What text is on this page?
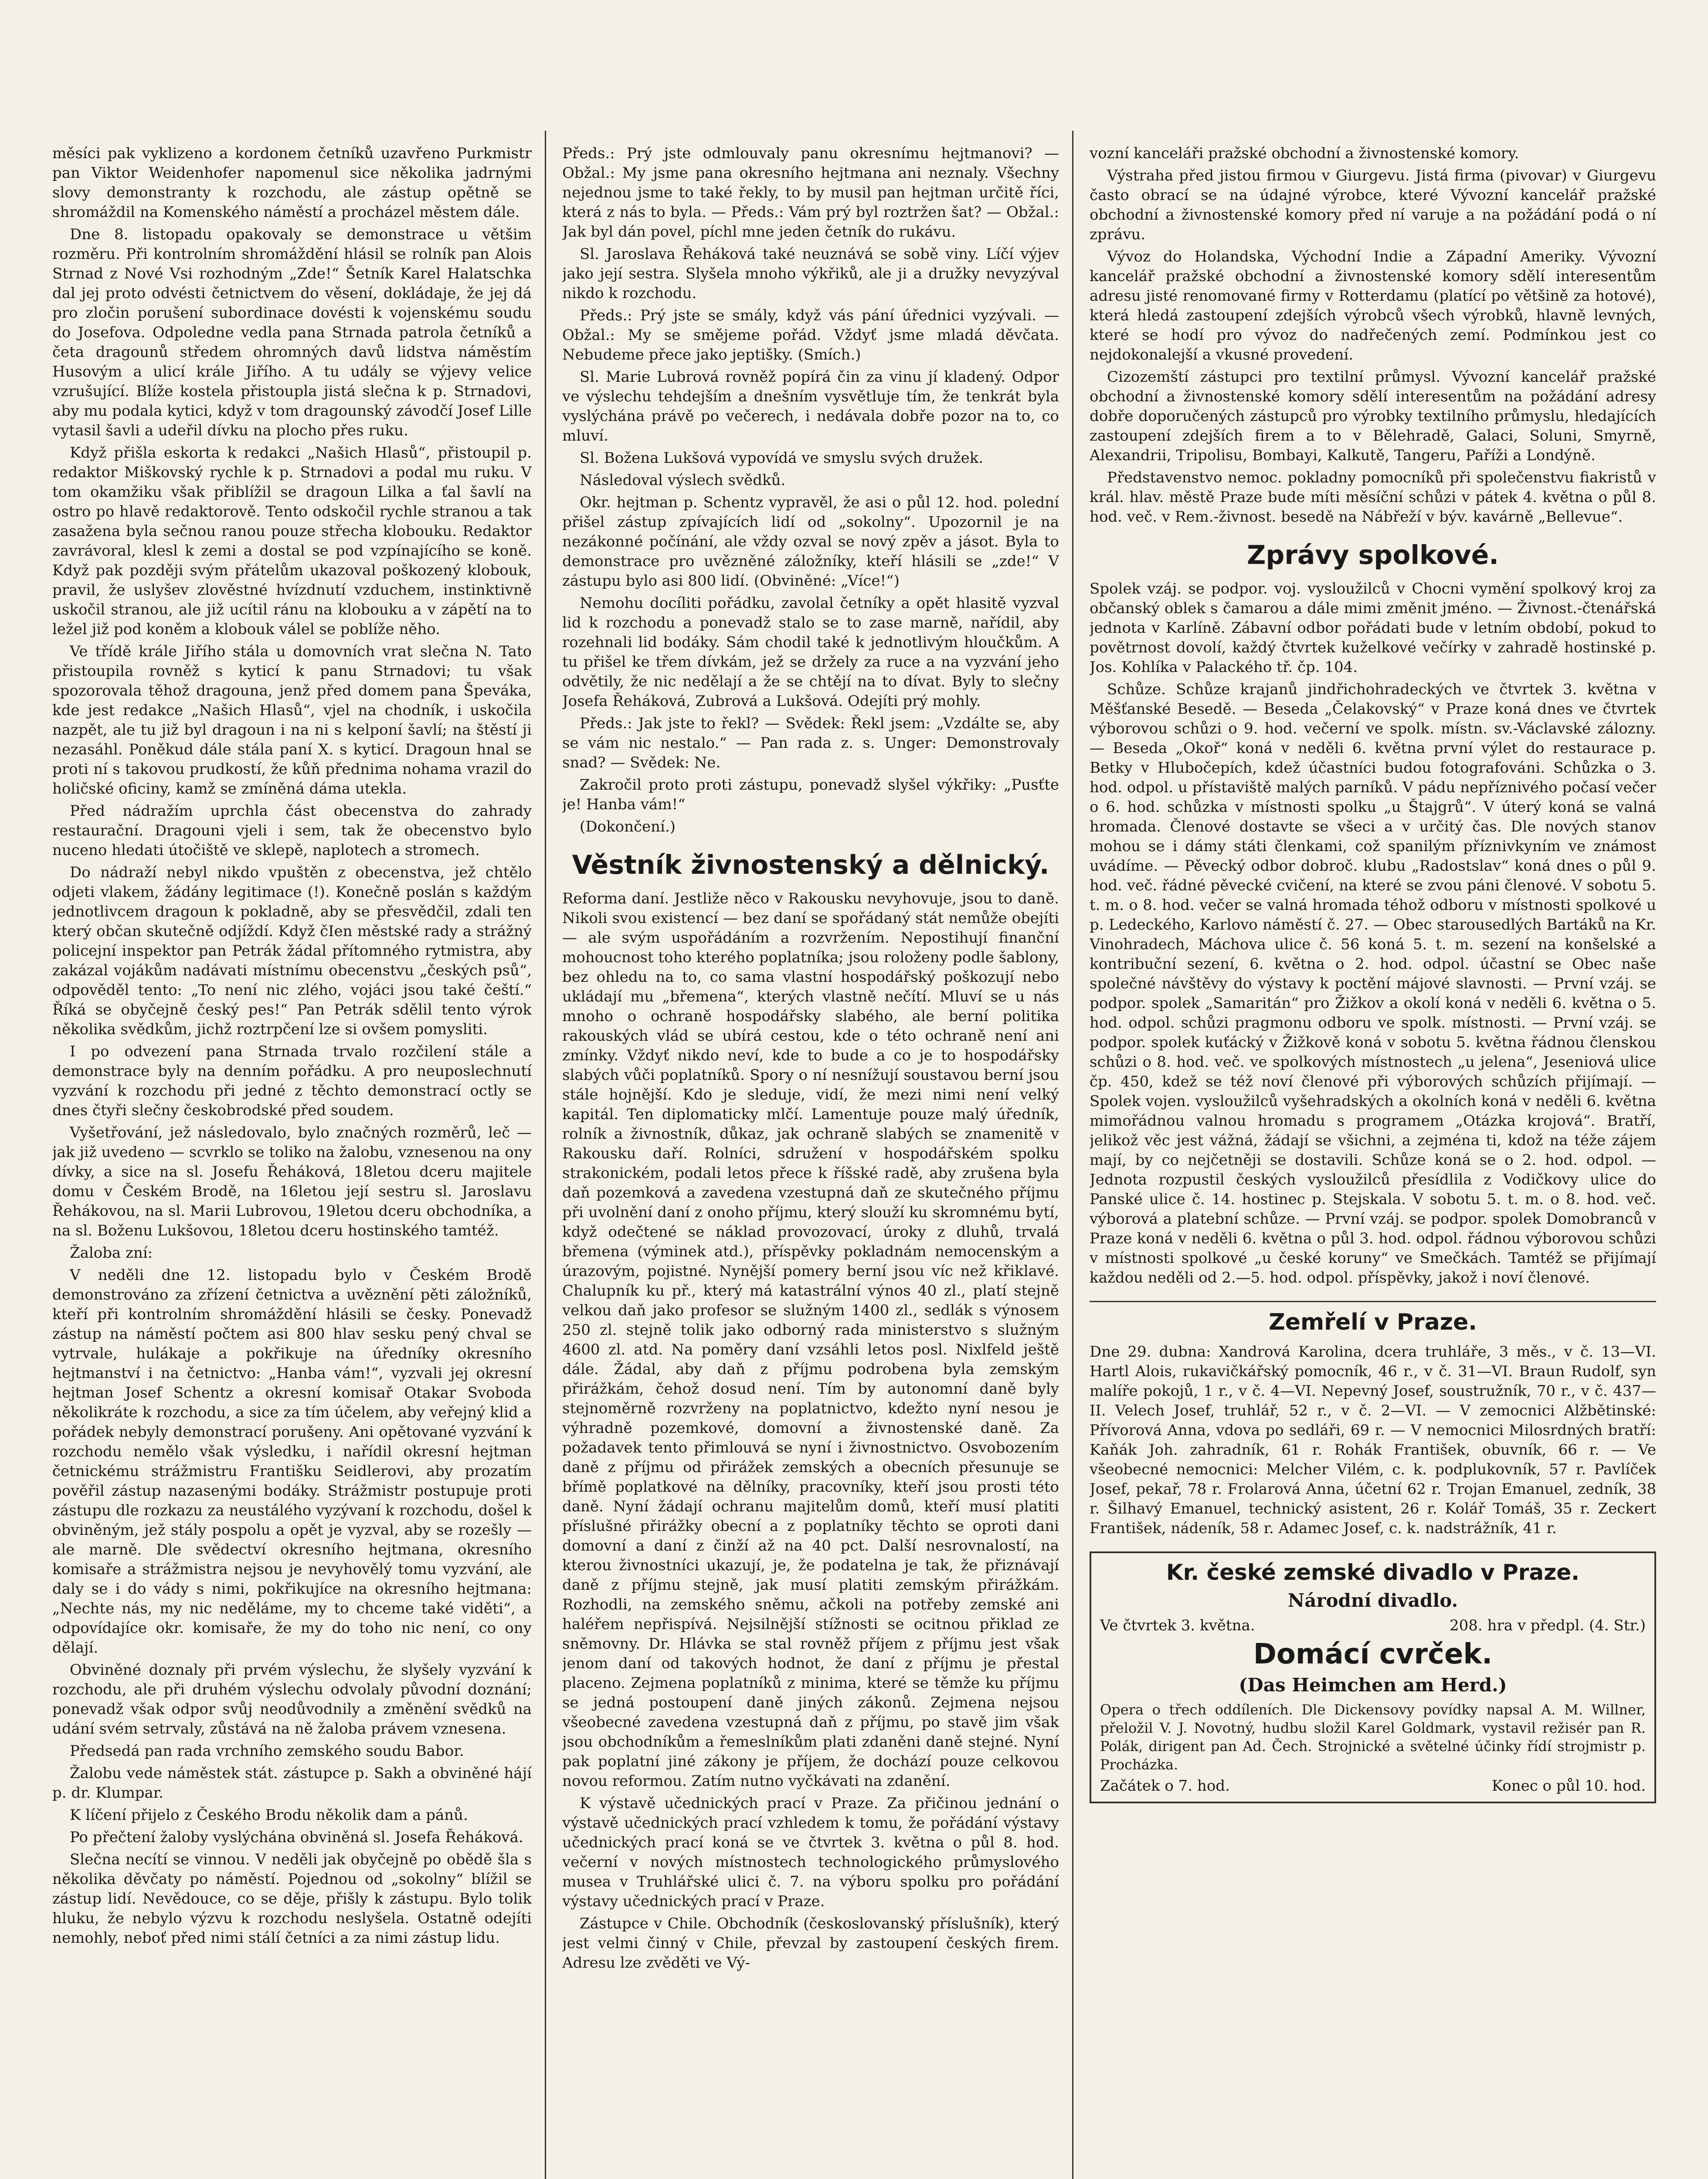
měsíci pak vyklizeno a kordonem četníků uzavřeno Purkmistr pan Viktor Weidenhofer napomenul sice několika jadrnými slovy demonstranty k rozchodu, ale zástup opětně se shromáždil na Komenského náměstí a procházel městem dále.

Dne 8. listopadu opakovaly se demonstrace u většim rozměru. Při kontrolním shromáždění hlásil se rolník pan Alois Strnad z Nové Vsi rozhodným „Zde!“ Šetník Karel Halatschka dal jej proto odvésti četnictvem do věsení, dokládaje, že jej dá pro zločin porušení subordinace dovésti k vojenskému soudu do Josefova. Odpoledne vedla pana Strnada patrola četníků a četa dragounů středem ohromných davů lidstva náměstím Husovým a ulicí krále Jiřího. A tu udály se výjevy velice vzrušující. Blíže kostela přistoupla jistá slečna k p. Strnadovi, aby mu podala kytici, když v tom dragounský závodčí Josef Lille vytasil šavli a udeřil dívku na plocho přes ruku.

Když přišla eskorta k redakci „Našich Hlasů“, přistoupil p. redaktor Miškovský rychle k p. Strnadovi a podal mu ruku. V tom okamžiku však přiblížil se dragoun Lilka a ťal šavlí na ostro po hlavě redaktorově. Tento odskočil rychle stranou a tak zasažena byla sečnou ranou pouze střecha klobouku. Redaktor zavrávoral, klesl k zemi a dostal se pod vzpínajícího se koně. Když pak později svým přátelům ukazoval poškozený klobouk, pravil, že uslyšev zlověstné hvízdnutí vzduchem, instinktivně uskočil stranou, ale již ucítil ránu na klobouku a v zápětí na to ležel již pod koněm a klobouk válel se poblíže něho.

Ve třídě krále Jiřího stála u domovních vrat slečna N. Tato přistoupila rovněž s kyticí k panu Strnadovi; tu však spozorovala těhož dragouna, jenž před domem pana Špeváka, kde jest redakce „Našich Hlasů“, vjel na chodník, i uskočila nazpět, ale tu již byl dragoun i na ni s kelponí šavlí; na štěstí ji nezasáhl. Poněkud dále stála paní X. s kyticí. Dragoun hnal se proti ní s takovou prudkostí, že kůň přednima nohama vrazil do holičské oficiny, kamž se zmíněná dáma utekla.

Před nádražím uprchla část obecenstva do zahrady restaurační. Dragouni vjeli i sem, tak že obecenstvo bylo nuceno hledati útočiště ve sklepě, naplotech a stromech.

Do nádraží nebyl nikdo vpuštěn z obecenstva, jež chtělo odjeti vlakem, žádány legitimace (!). Konečně poslán s každým jednotlivcem dragoun k pokladně, aby se přesvědčil, zdali ten který občan skutečně odjíždí. Když čIen městské rady a strážný policejní inspektor pan Petrák žádal přítomného rytmistra, aby zakázal vojákům nadávati místnímu obecenstvu „českých psů“, odpověděl tento: „To není nic zlého, vojáci jsou také čeští.“ Říká se obyčejně český pes!“ Pan Petrák sdělil tento výrok několika svědkům, jichž roztrpčení lze si ovšem pomysliti.

I po odvezení pana Strnada trvalo rozčilení stále a demonstrace byly na denním pořádku. A pro neuposlechnutí vyzvání k rozchodu při jedné z těchto demonstrací octly se dnes čtyři slečny českobrodské před soudem.

Vyšetřování, jež následovalo, bylo značných rozměrů, leč — jak již uvedeno — scvrklo se toliko na žalobu, vznesenou na ony dívky, a sice na sl. Josefu Řeháková, 18letou dceru majitele domu v Českém Brodě, na 16letou její sestru sl. Jaroslavu Řehákovou, na sl. Marii Lubrovou, 19letou dceru obchodníka, a na sl. Boženu Lukšovou, 18letou dceru hostinského tamtéž.

Žaloba zní:

V neděli dne 12. listopadu bylo v Českém Brodě demonstrováno za zřízení četnictva a uvěznění pěti záložníků, kteří při kontrolním shromáždění hlásili se česky. Ponevadž zástup na náměstí počtem asi 800 hlav sesku pený chval se vytrvale, hulákaje a pokřikuje na úředníky okresního hejtmanství i na četnictvo: „Hanba vám!“, vyzvali jej okresní hejtman Josef Schentz a okresní komisař Otakar Svoboda několikráte k rozchodu, a sice za tím účelem, aby veřejný klid a pořádek nebyly demonstrací porušeny. Ani opětované vyzvání k rozchodu nemělo však výsledku, i nařídil okresní hejtman četnickému strážmistru Františku Seidlerovi, aby prozatím pověřil zástup nazasenými bodáky. Strážmistr postupuje proti zástupu dle rozkazu za neustálého vyzývaní k rozchodu, došel k obviněným, jež stály pospolu a opět je vyzval, aby se rozešly — ale marně. Dle svědectví okresního hejtmana, okresního komisaře a strážmistra nejsou je nevyhovělý tomu vyzvání, ale daly se i do vády s nimi, pokřikujíce na okresního hejtmana: „Nechte nás, my nic neděláme, my to chceme také viděti“, a odpovídajíce okr. komisaře, že my do toho nic není, co ony dělají.

Obviněné doznaly při prvém výslechu, že slyšely vyzvání k rozchodu, ale při druhém výslechu odvolaly původní doznání; ponevadž však odpor svůj neodůvodnily a změnění svědků na udání svém setrvaly, zůstává na ně žaloba právem vznesena.

Předsedá pan rada vrchního zemského soudu Babor.

Žalobu vede náměstek stát. zástupce p. Sakh a obviněné hájí p. dr. Klumpar.

K líčení přijelo z Českého Brodu několik dam a pánů.

Po přečtení žaloby vyslýchána obviněná sl. Josefa Řeháková.

Slečna necítí se vinnou. V neděli jak obyčejně po obědě šla s několika děvčaty po náměstí. Pojednou od „sokolny“ blížil se zástup lidí. Nevědouce, co se děje, přišly k zástupu. Bylo tolik hluku, že nebylo výzvu k rozchodu neslyšela. Ostatně odejíti nemohly, neboť před nimi stálí četníci a za nimi zástup lidu.

Předs.: Prý jste odmlouvaly panu okresnímu hejtmanovi? — Obžal.: My jsme pana okresního hejtmana ani neznaly. Všechny nejednou jsme to také řekly, to by musil pan hejtman určitě říci, která z nás to byla. — Předs.: Vám prý byl roztržen šat? — Obžal.: Jak byl dán povel, píchl mne jeden četník do rukávu.

Sl. Jaroslava Řeháková také neuznává se sobě viny. Líčí výjev jako její sestra. Slyšela mnoho výkřiků, ale ji a družky nevyzýval nikdo k rozchodu.

Předs.: Prý jste se smály, když vás pání úřednici vyzývali. — Obžal.: My se smějeme pořád. Vždyť jsme mladá děvčata. Nebudeme přece jako jeptišky. (Smích.)

Sl. Marie Lubrová rovněž popírá čin za vinu jí kladený. Odpor ve výslechu tehdejším a dnešním vysvětluje tím, že tenkrát byla vyslýchána právě po večerech, i nedávala dobře pozor na to, co mluví.

Sl. Božena Lukšová vypovídá ve smyslu svých družek.

Následoval výslech svědků.

Okr. hejtman p. Schentz vypravěl, že asi o půl 12. hod. polední přišel zástup zpívajících lidí od „sokolny“. Upozornil je na nezákonné počínání, ale vždy ozval se nový zpěv a jásot. Byla to demonstrace pro uvězněné záložníky, kteří hlásili se „zde!“ V zástupu bylo asi 800 lidí. (Obviněné: „Více!“)

Nemohu docíliti pořádku, zavolal četníky a opět hlasitě vyzval lid k rozchodu a ponevadž stalo se to zase marně, nařídil, aby rozehnali lid bodáky. Sám chodil také k jednotlivým hloučkům. A tu přišel ke třem dívkám, jež se držely za ruce a na vyzvání jeho odvětily, že nic nedělají a že se chtějí na to dívat. Byly to slečny Josefa Řeháková, Zubrová a Lukšová. Odejíti prý mohly.

Předs.: Jak jste to řekl? — Svědek: Řekl jsem: „Vzdálte se, aby se vám nic nestalo.“ — Pan rada z. s. Unger: Demonstrovaly snad? — Svědek: Ne.

Zakročil proto proti zástupu, ponevadž slyšel výkřiky: „Pusťte je! Hanba vám!“

(Dokončení.)

Věstník živnostenský a dělnický.

Reforma daní. Jestliže něco v Rakousku nevyhovuje, jsou to daně. Nikoli svou existencí — bez daní se spořádaný stát nemůže obejíti — ale svým uspořádáním a rozvržením. Nepostihují finanční mohoucnost toho kterého poplatníka; jsou roloženy podle šablony, bez ohledu na to, co sama vlastní hospodářský poškozují nebo ukládají mu „břemena“, kterých vlastně nečítí. Mluví se u nás mnoho o ochraně hospodářsky slabého, ale berní politika rakouských vlád se ubírá cestou, kde o této ochraně není ani zmínky. Vždyť nikdo neví, kde to bude a co je to hospodářsky slabých vůči poplatníků. Spory o ní nesnížují soustavou berní jsou stále hojnější. Kdo je sleduje, vidí, že mezi nimi není velký kapitál. Ten diplomaticky mlčí. Lamentuje pouze malý úředník, rolník a živnostník, důkaz, jak ochraně slabých se znamenitě v Rakousku daří. Rolníci, sdružení v hospodářském spolku strakonickém, podali letos přece k říšské radě, aby zrušena byla daň pozemková a zavedena vzestupná daň ze skutečného příjmu při uvolnění daní z onoho příjmu, který slouží ku skromnému bytí, když odečtené se náklad provozovací, úroky z dluhů, trvalá břemena (výminek atd.), příspěvky pokladnám nemocenským a úrazovým, pojistné. Nynější pomery berní jsou víc než křiklavé. Chalupník ku př., který má katastrální výnos 40 zl., platí stejně velkou daň jako profesor se služným 1400 zl., sedlák s výnosem 250 zl. stejně tolik jako odborný rada ministerstvo s služným 4600 zl. atd. Na poměry daní vzsáhli letos posl. Nixlfeld ještě dále. Žádal, aby daň z příjmu podrobena byla zemským přirážkám, čehož dosud není. Tím by autonomní daně byly stejnoměrně rozvrženy na poplatnictvo, kdežto nyní nesou je výhradně pozemkové, domovní a živnostenské daně. Za požadavek tento přimlouvá se nyní i živnostnictvo. Osvobozením daně z příjmu od přirážek zemských a obecních přesunuje se břímě poplatkové na dělníky, pracovníky, kteří jsou prosti této daně. Nyní žádají ochranu majitelům domů, kteří musí platiti příslušné přirážky obecní a z poplatníky těchto se oproti dani domovní a daní z činží až na 40 pct. Další nesrovnalostí, na kterou živnostníci ukazují, je, že podatelna je tak, že přiznávají daně z příjmu stejně, jak musí platiti zemským přirážkám. Rozhodli, na zemského sněmu, ačkoli na potřeby zemské ani haléřem nepřispívá. Nejsilnější stížnosti se ocitnou přiklad ze sněmovny. Dr. Hlávka se stal rovněž příjem z příjmu jest však jenom daní od takových hodnot, že daní z příjmu je přestal placeno. Zejmena poplatníků z minima, které se těmže ku příjmu se jedná postoupení daně jiných zákonů. Zejmena nejsou všeobecné zavedena vzestupná daň z příjmu, po stavě jim však jsou obchodníkům a řemeslníkům plati zdaněni daně stejné. Nyní pak poplatní jiné zákony je příjem, že dochází pouze celkovou novou reformou. Zatím nutno vyčkávati na zdanění.

K výstavě učednických prací v Praze. Za přičinou jednání o výstavě učednických prací vzhledem k tomu, že pořádání výstavy učednických prací koná se ve čtvrtek 3. května o půl 8. hod. večerní v nových místnostech technologického průmyslového musea v Truhlářské ulici č. 7. na výboru spolku pro pořádání výstavy učednických prací v Praze.

Zástupce v Chile. Obchodník (českoslovanský příslušník), který jest velmi činný v Chile, převzal by zastoupení českých firem. Adresu lze zvěděti ve Vý-

vozní kanceláři pražské obchodní a živnostenské komory.

Výstraha před jistou firmou v Giurgevu. Jistá firma (pivovar) v Giurgevu často obrací se na údajné výrobce, které Vývozní kancelář pražské obchodní a živnostenské komory před ní varuje a na požádání podá o ní zprávu.

Vývoz do Holandska, Východní Indie a Západní Ameriky. Vývozní kancelář pražské obchodní a živnostenské komory sdělí interesentům adresu jisté renomované firmy v Rotterdamu (platící po většině za hotové), která hledá zastoupení zdejších výrobců všech výrobků, hlavně levných, které se hodí pro vývoz do nadřečených zemí. Podmínkou jest co nejdokonalejší a vkusné provedení.

Cizozemští zástupci pro textilní průmysl. Vývozní kancelář pražské obchodní a živnostenské komory sdělí interesentům na požádání adresy dobře doporučených zástupců pro výrobky textilního průmyslu, hledajících zastoupení zdejších firem a to v Bělehradě, Galaci, Soluni, Smyrně, Alexandrii, Tripolisu, Bombayi, Kalkutě, Tangeru, Paříži a Londýně.

Představenstvo nemoc. pokladny pomocníků při společenstvu fiakristů v král. hlav. městě Praze bude míti měsíční schůzi v pátek 4. května o půl 8. hod. več. v Rem.-živnost. besedě na Nábřeží v býv. kavárně „Bellevue“.

Zprávy spolkové.

Spolek vzáj. se podpor. voj. vysloužilců v Chocni vymění spolkový kroj za občanský oblek s čamarou a dále mimi změnit jméno. — Živnost.-čtenářská jednota v Karlíně. Zábavní odbor pořádati bude v letním období, pokud to povětrnost dovolí, každý čtvrtek kuželkové večírky v zahradě hostinské p. Jos. Kohlíka v Palackého tř. čp. 104.

Schůze. Schůze krajanů jindřichohradeckých ve čtvrtek 3. května v Měšťanské Besedě. — Beseda „Čelakovský“ v Praze koná dnes ve čtvrtek výborovou schůzi o 9. hod. večerní ve spolk. místn. sv.-Václavské zálozny. — Beseda „Okoř“ koná v neděli 6. května první výlet do restaurace p. Betky v Hlubočepích, kdež účastníci budou fotografováni. Schůzka o 3. hod. odpol. u přístaviště malých parníků. V pádu nepříznivého počasí večer o 6. hod. schůzka v místnosti spolku „u Štajgrů“. V úterý koná se valná hromada. Členové dostavte se všeci a v určitý čas. Dle nových stanov mohou se i dámy státi členkami, což spanilým příznivkyním ve známost uvádíme. — Pěvecký odbor dobroč. klubu „Radostslav“ koná dnes o půl 9. hod. več. řádné pěvecké cvičení, na které se zvou páni členové. V sobotu 5. t. m. o 8. hod. večer se valná hromada téhož odboru v místnosti spolkové u p. Ledeckého, Karlovo náměstí č. 27. — Obec starousedlých Bartáků na Kr. Vinohradech, Máchova ulice č. 56 koná 5. t. m. sezení na konšelské a kontribuční sezení, 6. května o 2. hod. odpol. účastní se Obec naše společné návštěvy do výstavy k poctění májové slavnosti. — První vzáj. se podpor. spolek „Samaritán“ pro Žižkov a okolí koná v neděli 6. května o 5. hod. odpol. schůzi pragmonu odboru ve spolk. místnosti. — První vzáj. se podpor. spolek kuťácký v Žižkově koná v sobotu 5. května řádnou členskou schůzi o 8. hod. več. ve spolkových místnostech „u jelena“, Jeseniová ulice čp. 450, kdež se též noví členové při výborových schůzích přijímají. — Spolek vojen. vysloužilců vyšehradských a okolních koná v neděli 6. května mimořádnou valnou hromadu s programem „Otázka krojová“. Bratří, jelikož věc jest vážná, žádají se všichni, a zejména ti, kdož na téže zájem mají, by co nejčetněji se dostavili. Schůze koná se o 2. hod. odpol. — Jednota rozpustil českých vysloužilců přesídlila z Vodičkovy ulice do Panské ulice č. 14. hostinec p. Stejskala. V sobotu 5. t. m. o 8. hod. več. výborová a platební schůze. — První vzáj. se podpor. spolek Domobranců v Praze koná v neděli 6. května o půl 3. hod. odpol. řádnou výborovou schůzi v místnosti spolkové „u české koruny“ ve Smečkách. Tamtéž se přijímají každou neděli od 2.—5. hod. odpol. příspěvky, jakož i noví členové.

Zemřelí v Praze.

Dne 29. dubna: Xandrová Karolina, dcera truhláře, 3 měs., v č. 13—VI. Hartl Alois, rukavičkářský pomocník, 46 r., v č. 31—VI. Braun Rudolf, syn malíře pokojů, 1 r., v č. 4—VI. Nepevný Josef, soustružník, 70 r., v č. 437—II. Velech Josef, truhlář, 52 r., v č. 2—VI. — V zemocnici Alžbětinské: Přívorová Anna, vdova po sedláři, 69 r. — V nemocnici Milosrdných bratří: Kaňák Joh. zahradník, 61 r. Rohák František, obuvník, 66 r. — Ve všeobecné nemocnici: Melcher Vilém, c. k. podplukovník, 57 r. Pavlíček Josef, pekař, 78 r. Frolarová Anna, účetní 62 r. Trojan Emanuel, zedník, 38 r. Šilhavý Emanuel, technický asistent, 26 r. Kolář Tomáš, 35 r. Zeckert František, nádeník, 58 r. Adamec Josef, c. k. nadstrážník, 41 r.

Kr. české zemské divadlo v Praze.

Národní divadlo.

Ve čtvrtek 3. května.	208. hra v předpl. (4. Str.)
Domácí cvrček.

(Das Heimchen am Herd.)

Opera o třech oddíleních. Dle Dickensovy povídky napsal A. M. Willner, přeložil V. J. Novotný, hudbu složil Karel Goldmark, vystavil režisér pan R. Polák, dirigent pan Ad. Čech. Strojnické a světelné účinky řídí strojmistr p. Procházka.

Začátek o 7. hod.	Konec o půl 10. hod.
